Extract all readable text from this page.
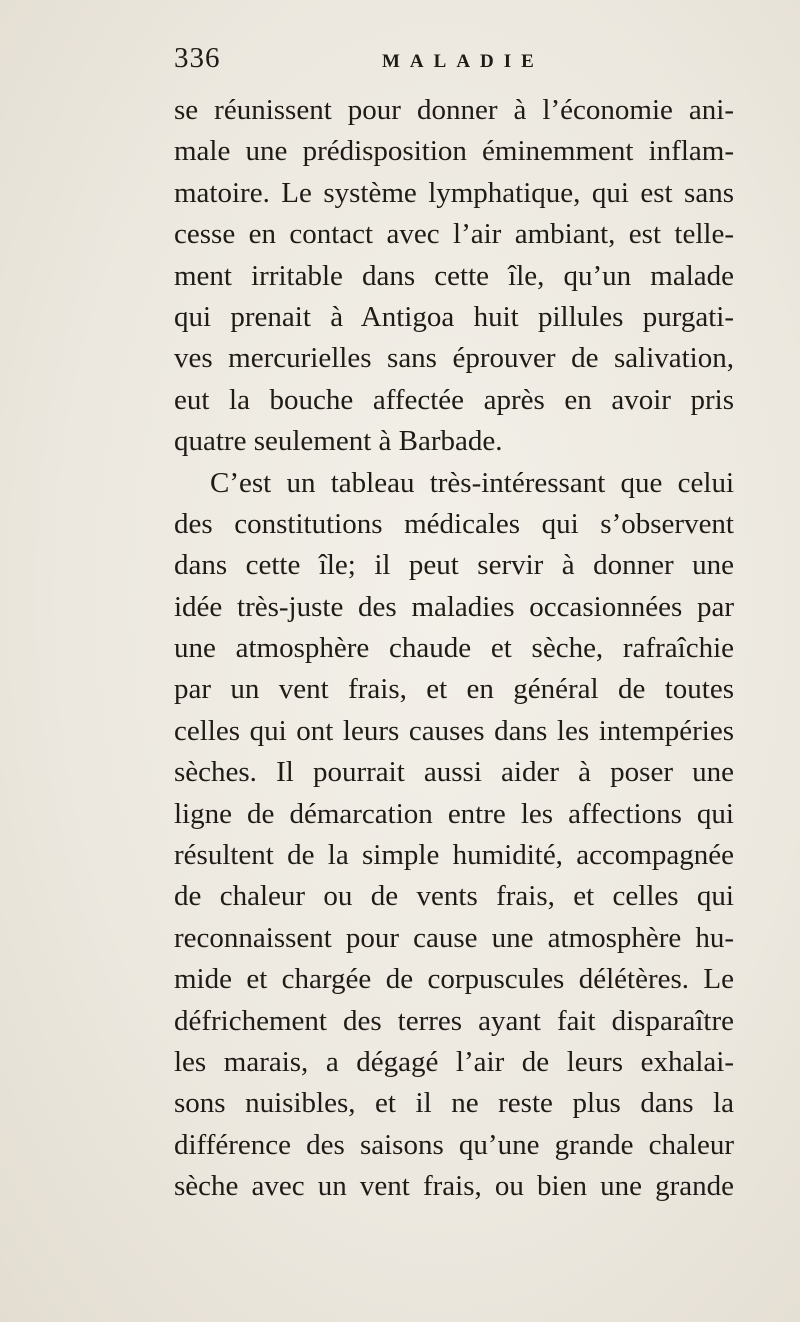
336	MALADIE
se réunissent pour donner à l’économie ani-
male une prédisposition éminemment inflam-
matoire. Le système lymphatique, qui est sans
cesse en contact avec l’air ambiant, est telle-
ment irritable dans cette île, qu’un malade
qui prenait à Antigoa huit pillules purgati-
ves mercurielles sans éprouver de salivation,
eut la bouche affectée après en avoir pris
quatre seulement à Barbade.
C’est un tableau très-intéressant que celui
des constitutions médicales qui s’observent
dans cette île; il peut servir à donner une
idée très-juste des maladies occasionnées par
une atmosphère chaude et sèche, rafraîchie
par un vent frais, et en général de toutes
celles qui ont leurs causes dans les intempéries
sèches. Il pourrait aussi aider à poser une
ligne de démarcation entre les affections qui
résultent de la simple humidité, accompagnée
de chaleur ou de vents frais, et celles qui
reconnaissent pour cause une atmosphère hu-
mide et chargée de corpuscules délétères. Le
défrichement des terres ayant fait disparaître
les marais, a dégagé l’air de leurs exhalai-
sons nuisibles, et il ne reste plus dans la
différence des saisons qu’une grande chaleur
sèche avec un vent frais, ou bien une grande
